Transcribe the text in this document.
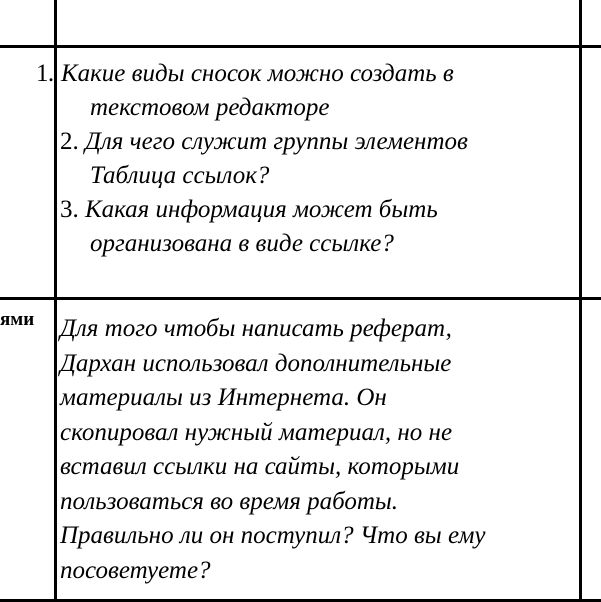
1. Какие виды сносок можно создать в
текстовом редакторе
2. Для чего служит группы элементов
Таблица ссылок?
3. Какая информация может быть
организована в виде ссылке?
ями Для того чтобы написать реферат,
Дархан использовал дополнительные
материалы из Интернета. Он
скопировал нужный материал, но не
вставил ссылки на сайты, которыми
пользоваться во время работы.
Правильно ли он поступил? Что вы ему
посоветуете?
